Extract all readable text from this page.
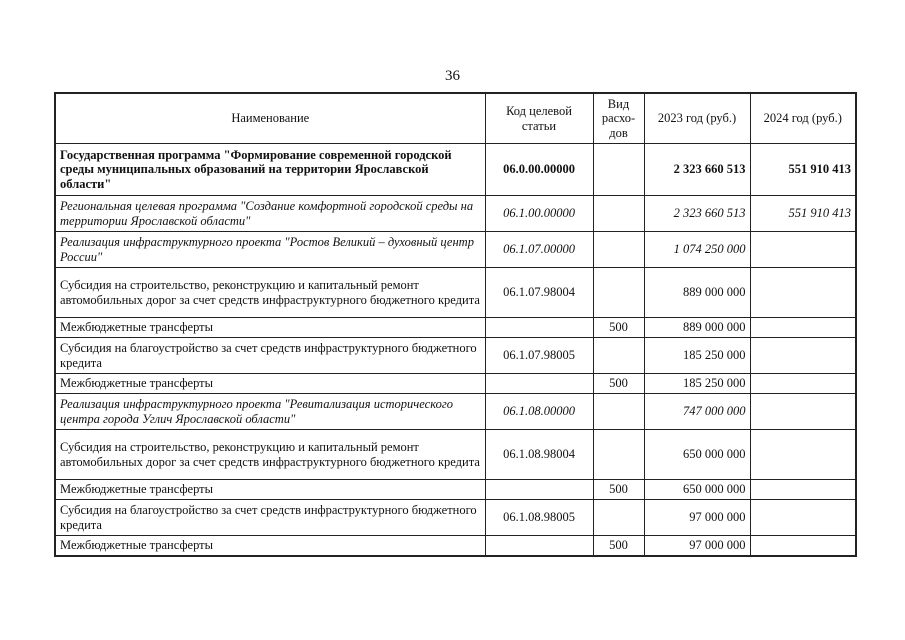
36
Наименование	Код целевой статьи	Вид расхо-дов	2023 год (руб.)	2024 год (руб.)
Государственная программа "Формирование современной городской среды муниципальных образований на территории Ярославской области"	06.0.00.00000		2 323 660 513	551 910 413
Региональная целевая программа "Создание комфортной городской среды на территории Ярославской области"	06.1.00.00000		2 323 660 513	551 910 413
Реализация инфраструктурного проекта "Ростов Великий – духовный центр России"	06.1.07.00000		1 074 250 000	
Субсидия на строительство, реконструкцию и капитальный ремонт автомобильных дорог за счет средств инфраструктурного бюджетного кредита	06.1.07.98004		889 000 000	
Межбюджетные трансферты		500	889 000 000	
Субсидия на благоустройство за счет средств инфраструктурного бюджетного кредита	06.1.07.98005		185 250 000	
Межбюджетные трансферты		500	185 250 000	
Реализация инфраструктурного проекта "Ревитализация исторического центра города Углич Ярославской области"	06.1.08.00000		747 000 000	
Субсидия на строительство, реконструкцию и капитальный ремонт автомобильных дорог за счет средств инфраструктурного бюджетного кредита	06.1.08.98004		650 000 000	
Межбюджетные трансферты		500	650 000 000	
Субсидия на благоустройство за счет средств инфраструктурного бюджетного кредита	06.1.08.98005		97 000 000	
Межбюджетные трансферты		500	97 000 000	
